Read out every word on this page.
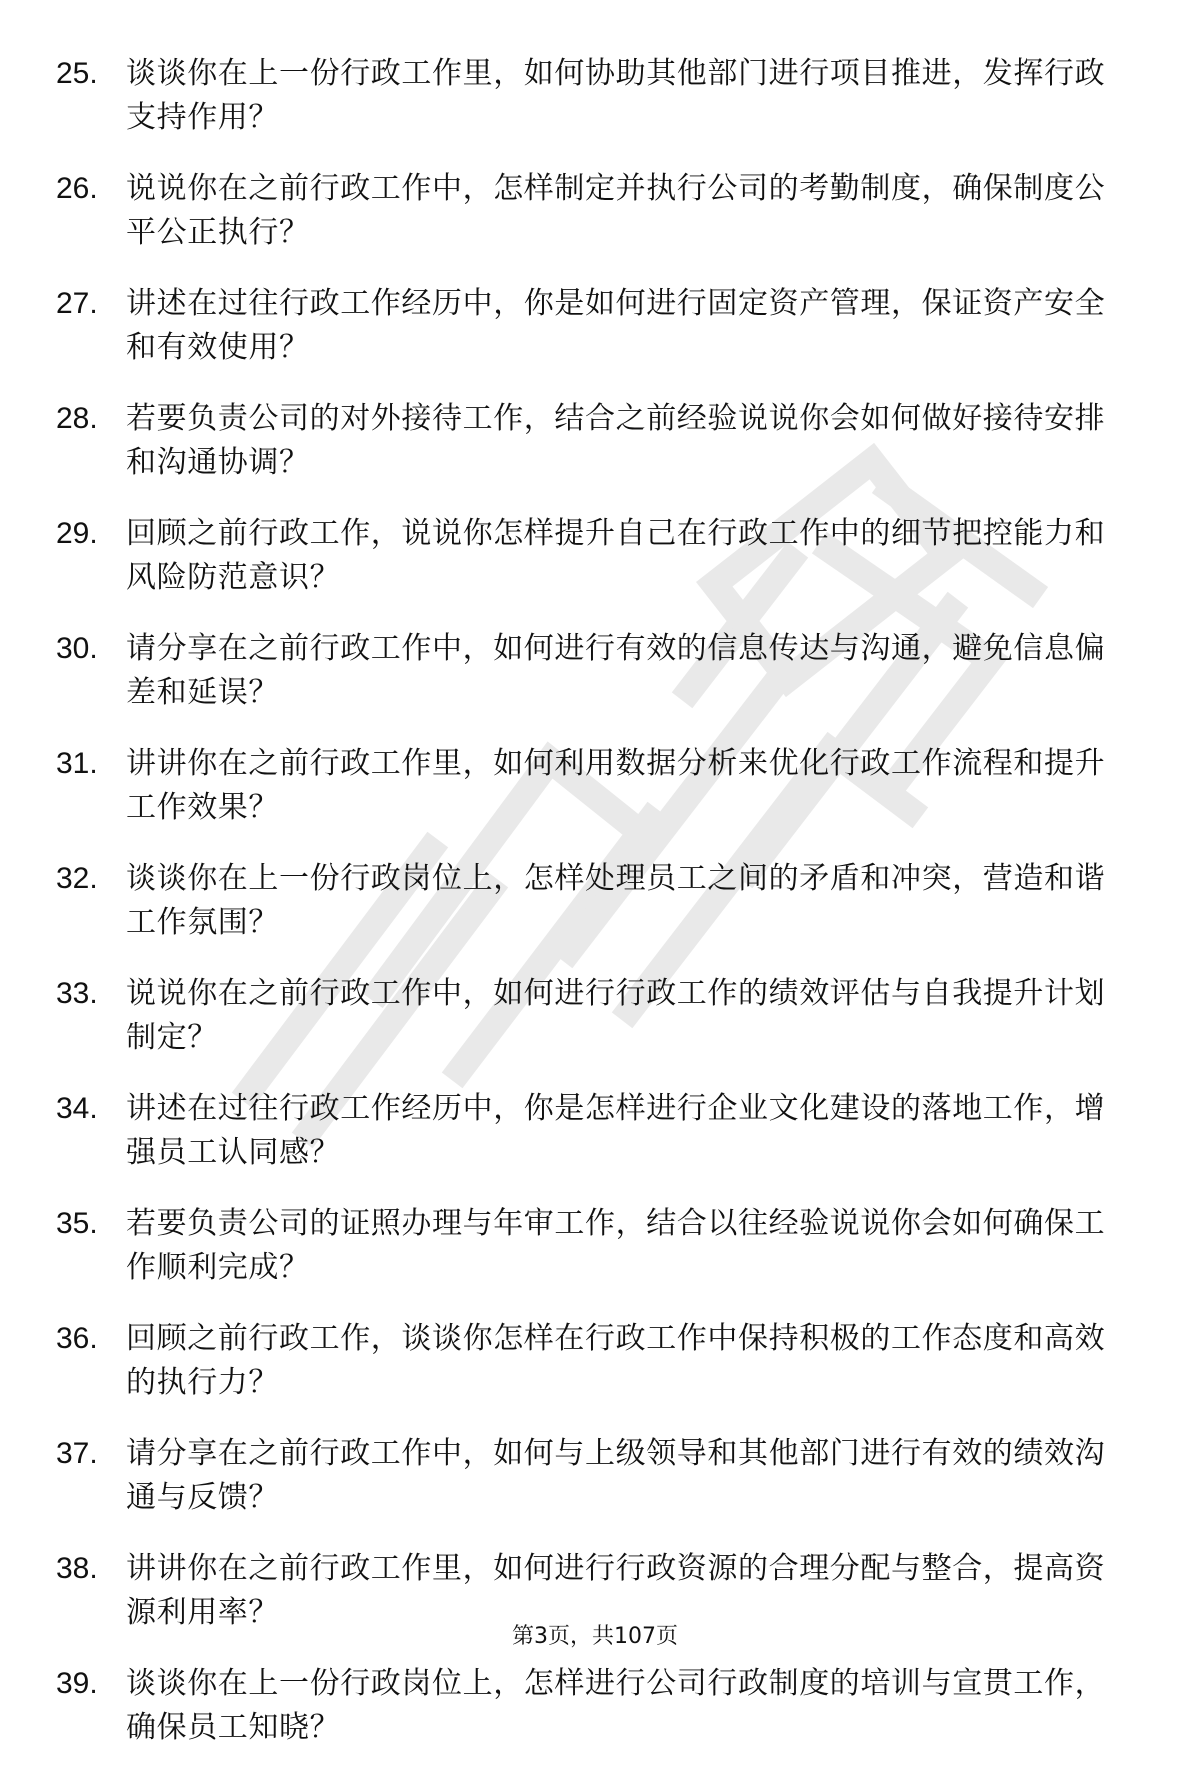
25. 谈谈你在上一份行政工作里，如何协助其他部门进行项目推进，发挥行政支持作用？
26. 说说你在之前行政工作中，怎样制定并执行公司的考勤制度，确保制度公平公正执行？
27. 讲述在过往行政工作经历中，你是如何进行固定资产管理，保证资产安全和有效使用？
28. 若要负责公司的对外接待工作，结合之前经验说说你会如何做好接待安排和沟通协调？
29. 回顾之前行政工作，说说你怎样提升自己在行政工作中的细节把控能力和风险防范意识？
30. 请分享在之前行政工作中，如何进行有效的信息传达与沟通，避免信息偏差和延误？
31. 讲讲你在之前行政工作里，如何利用数据分析来优化行政工作流程和提升工作效果？
32. 谈谈你在上一份行政岗位上，怎样处理员工之间的矛盾和冲突，营造和谐工作氛围？
33. 说说你在之前行政工作中，如何进行行政工作的绩效评估与自我提升计划制定？
34. 讲述在过往行政工作经历中，你是怎样进行企业文化建设的落地工作，增强员工认同感？
35. 若要负责公司的证照办理与年审工作，结合以往经验说说你会如何确保工作顺利完成？
36. 回顾之前行政工作，谈谈你怎样在行政工作中保持积极的工作态度和高效的执行力？
37. 请分享在之前行政工作中，如何与上级领导和其他部门进行有效的绩效沟通与反馈？
38. 讲讲你在之前行政工作里，如何进行行政资源的合理分配与整合，提高资源利用率？
39. 谈谈你在上一份行政岗位上，怎样进行公司行政制度的培训与宣贯工作，确保员工知晓？
第3页，共107页
